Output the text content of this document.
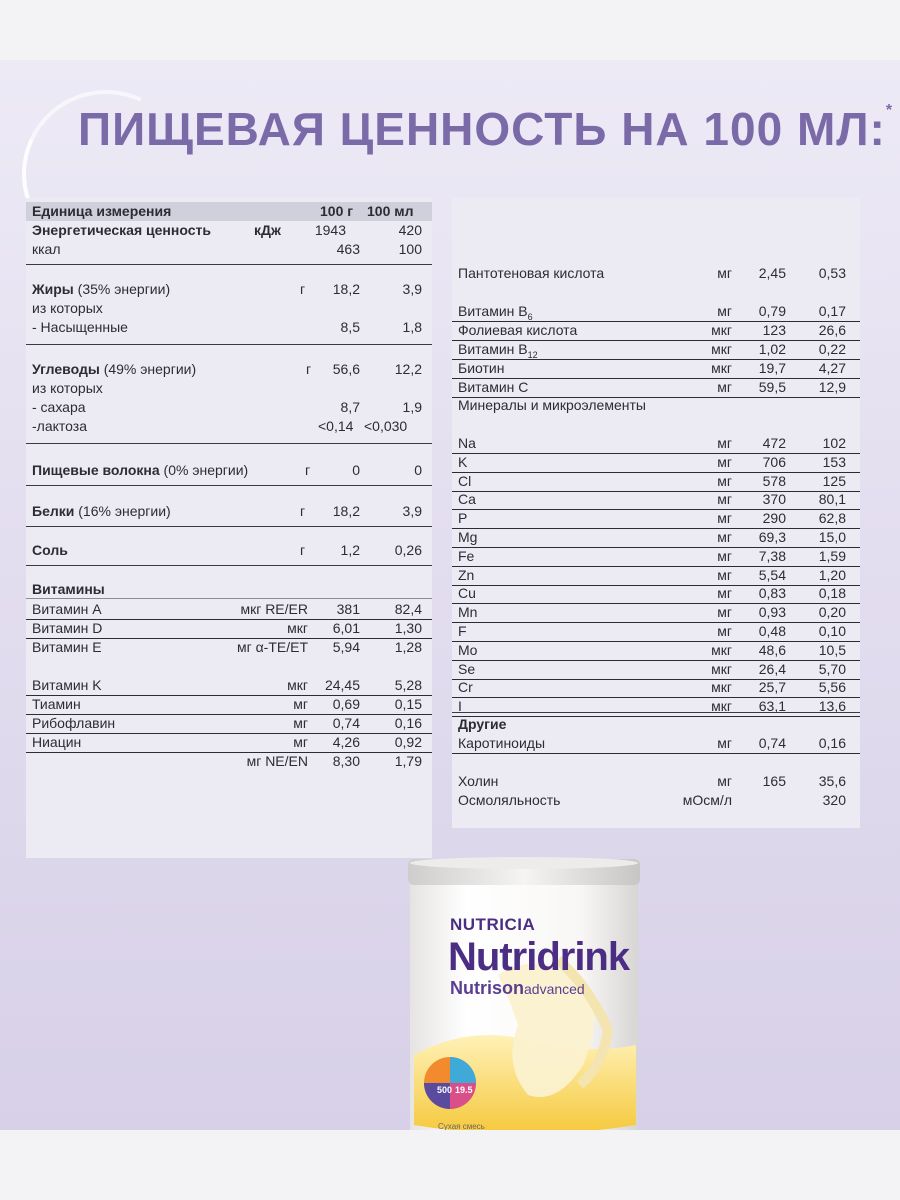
ПИЩЕВАЯ ЦЕННОСТЬ НА 100 МЛ:*
Единица измерения	100 г 100 мл
Энергетическая ценность	кДж 1943	420
ккал	463	100
Жиры (35% энергии)	г 18,2	3,9
из которых
- Насыщенные	8,5	1,8
Углеводы (49% энергии)	г 56,6 12,2
из которых
- сахара	8,7	1,9
-лактоза	<0,14 <0,030
Пищевые волокна (0% энергии)	г	0	0
Белки (16% энергии)	г 18,2	3,9
Соль	г	1,2 0,26
Витамины
Витамин A	мкг RE/ER 381 82,4
Витамин D	мкг 6,01 1,30
Витамин E	мг α-TE/ET 5,94 1,28
Витамин K	мкг 24,45 5,28
Тиамин	мг 0,69 0,15
Рибофлавин	мг 0,74 0,16
Ниацин	мг 4,26 0,92
мг NE/EN 8,30 1,79
Пантотеновая кислота	мг 2,45 0,53
Витамин $B_6$	мг 0,79 0,17
Фолиевая кислота	мкг 123 26,6
Витамин $B_{12}$	мкг 1,02 0,22
Биотин	мкг 19,7 4,27
Витамин C	мг 59,5 12,9
Минералы и микроэлементы
Na	мг 472	102
K	мг 706	153
Cl	мг 578	125
Ca	мг 370 80,1
P	мг 290 62,8
Mg	мг 69,3 15,0
Fe	мг 7,38 1,59
Zn	мг 5,54 1,20
Cu	мг 0,83 0,18
Mn	мг 0,93 0,20
F	мг 0,48 0,10
Mo	мкг 48,6 10,5
Se	мкг 26,4 5,70
Cr	мкг 25,7 5,56
I	мкг 63,1 13,6
Другие
Каротиноиды	мг 0,74 0,16
Холин	мг 165 35,6
Осмоляльность	мОсм/л	320
NUTRICIA
Nutridrink
Nutrisonadvanced
500 19.5
Сухая смесь
